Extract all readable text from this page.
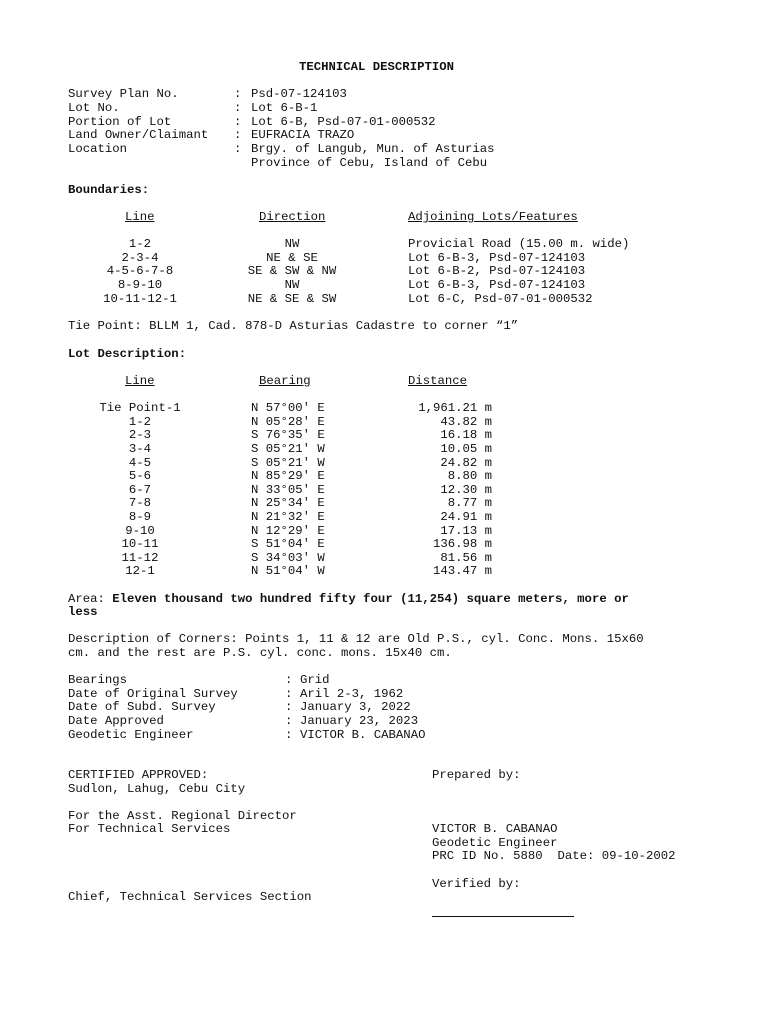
TECHNICAL DESCRIPTION
Survey Plan No.	: Psd-07-124103
Lot No.	: Lot 6-B-1
Portion of Lot	: Lot 6-B, Psd-07-01-000532
Land Owner/Claimant : EUFRACIA TRAZO
Location	: Brgy. of Langub, Mun. of Asturias
Province of Cebu, Island of Cebu
Boundaries:
Line	Direction	Adjoining Lots/Features
1-2	NW	Provicial Road (15.00 m. wide)
2-3-4	NE & SE	Lot 6-B-3, Psd-07-124103
4-5-6-7-8	SE & SW & NW	Lot 6-B-2, Psd-07-124103
8-9-10	NW	Lot 6-B-3, Psd-07-124103
10-11-12-1	NE & SE & SW	Lot 6-C, Psd-07-01-000532
Tie Point: BLLM 1, Cad. 878-D Asturias Cadastre to corner “1”
Lot Description:
Line	Bearing	Distance
Tie Point-1	N 57°00' E	1,961.21 m
1-2	N 05°28' E	43.82 m
2-3	S 76°35' E	16.18 m
3-4	S 05°21' W	10.05 m
4-5	S 05°21' W	24.82 m
5-6	N 85°29' E	8.80 m
6-7	N 33°05' E	12.30 m
7-8	N 25°34' E	8.77 m
8-9	N 21°32' E	24.91 m
9-10	N 12°29' E	17.13 m
10-11	S 51°04' E	136.98 m
11-12	S 34°03' W	81.56 m
12-1	N 51°04' W	143.47 m
Area: Eleven thousand two hundred fifty four (11,254) square meters, more or
less
Description of Corners: Points 1, 11 & 12 are Old P.S., cyl. Conc. Mons. 15x60
cm. and the rest are P.S. cyl. conc. mons. 15x40 cm.
Bearings	: Grid
Date of Original Survey	: Aril 2-3, 1962
Date of Subd. Survey	: January 3, 2022
Date Approved	: January 23, 2023
Geodetic Engineer	: VICTOR B. CABANAO
CERTIFIED APPROVED:	Prepared by:
Sudlon, Lahug, Cebu City
For the Asst. Regional Director
For Technical Services	VICTOR B. CABANAO
Geodetic Engineer
PRC ID No. 5880  Date: 09-10-2002
Verified by:
Chief, Technical Services Section
